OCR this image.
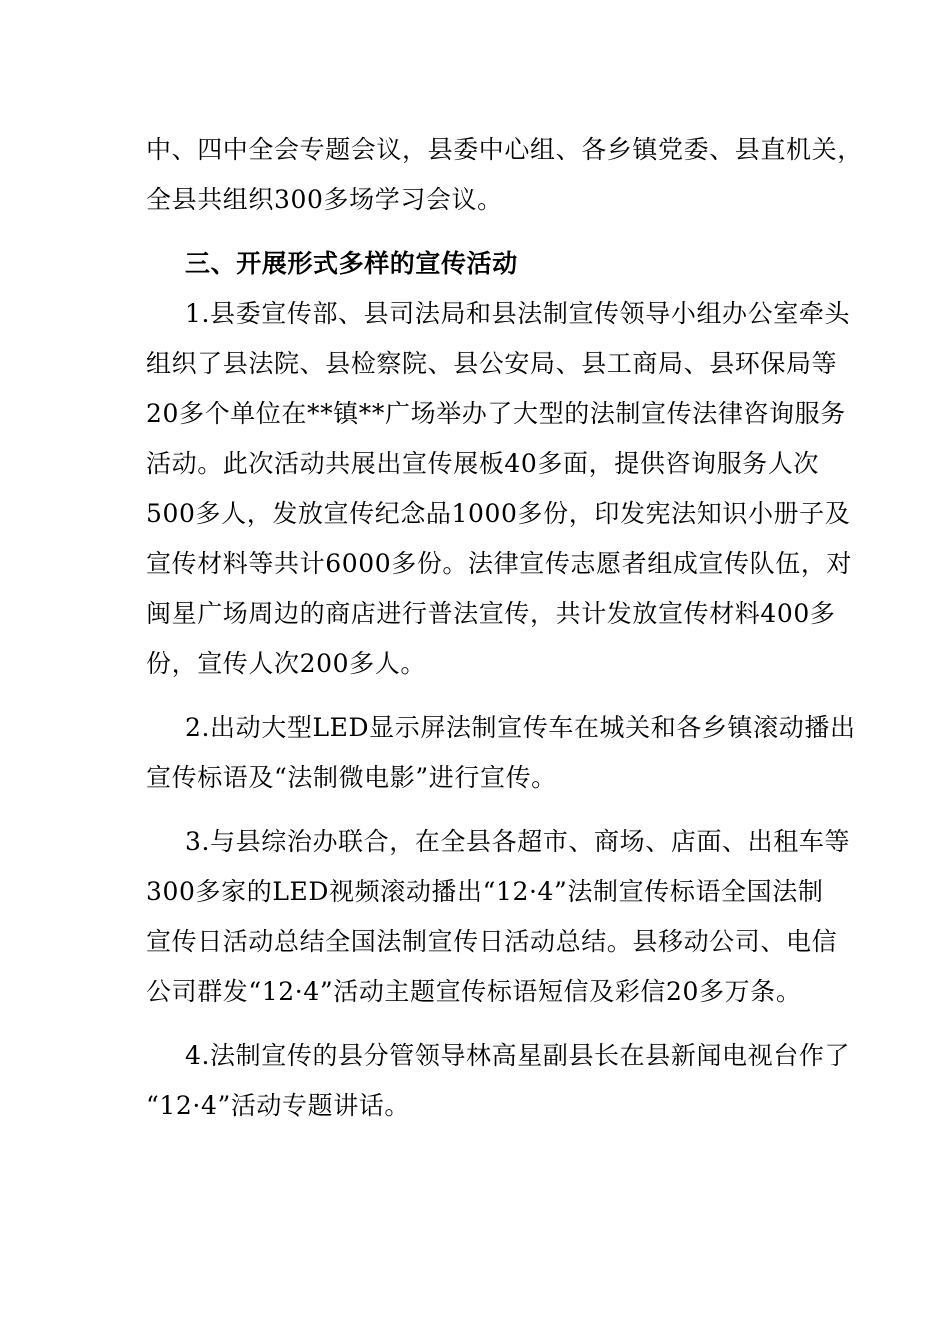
中、四中全会专题会议，县委中心组、各乡镇党委、县直机关，
全县共组织300多场学习会议。
三、开展形式多样的宣传活动
1.县委宣传部、县司法局和县法制宣传领导小组办公室牵头
组织了县法院、县检察院、县公安局、县工商局、县环保局等
20多个单位在**镇**广场举办了大型的法制宣传法律咨询服务
活动。此次活动共展出宣传展板40多面，提供咨询服务人次
500多人，发放宣传纪念品1000多份，印发宪法知识小册子及
宣传材料等共计6000多份。法律宣传志愿者组成宣传队伍，对
闽星广场周边的商店进行普法宣传，共计发放宣传材料400多
份，宣传人次200多人。
2.出动大型LED显示屏法制宣传车在城关和各乡镇滚动播出
宣传标语及“法制微电影”进行宣传。
3.与县综治办联合，在全县各超市、商场、店面、出租车等
300多家的LED视频滚动播出“12·4”法制宣传标语全国法制
宣传日活动总结全国法制宣传日活动总结。县移动公司、电信
公司群发“12·4”活动主题宣传标语短信及彩信20多万条。
4.法制宣传的县分管领导林高星副县长在县新闻电视台作了
“12·4”活动专题讲话。
